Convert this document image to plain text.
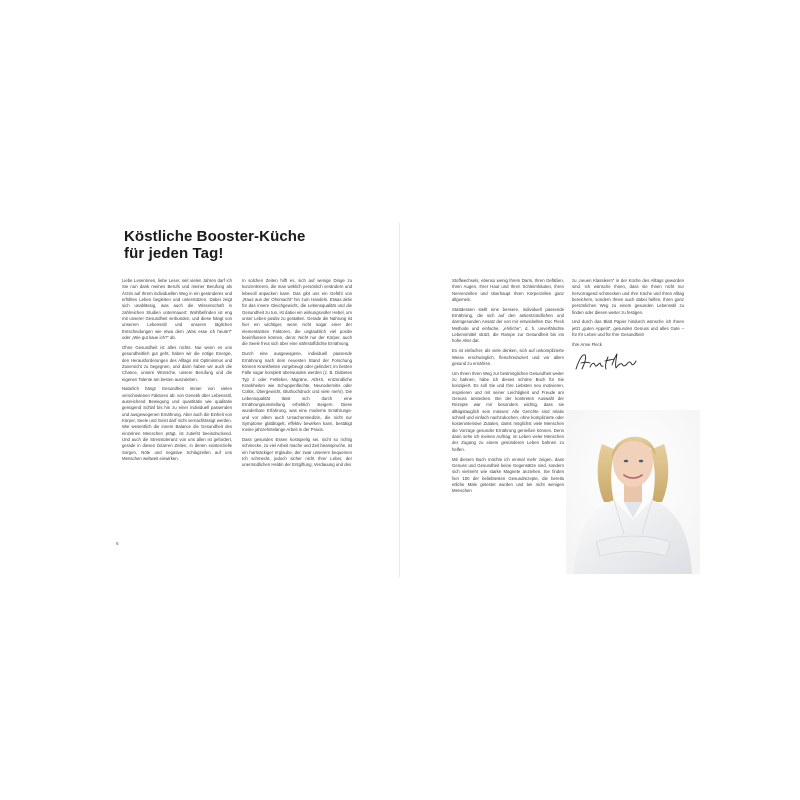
Köstliche Booster-Küche
für jeden Tag!

Liebe Leserinnen, liebe Leser, seit vielen Jahren darf ich Sie nun dank meines Berufs und meiner Berufung als Ärztin auf Ihrem individuellen Weg in ein gesünderes und erfülltes Leben begleiten und unterstützen. Dabei zeigt sich unablässig, was auch die Wissenschaft in zahlreichen Studien untermauert: Wohlbefinden ist eng mit unserer Gesundheit verbunden, und diese hängt von unserem Lebensstil und unseren täglichen Entscheidungen wie etwa dem „Was esse ich heute?“ oder „Wie gut kaue ich?“ ab.

Ohne Gesundheit ist alles nichts. Nur wenn es uns gesundheitlich gut geht, haben wir die nötige Energie, den Herausforderungen des Alltags mit Optimismus und Zuversicht zu begegnen, und dann haben wir auch die Chance, unsere Wünsche, unsere Berufung und die eigenen Talente am besten auszuleben.

Natürlich hängt Gesundheit immer von vielen verschiedenen Faktoren ab: von Genetik über Lebensstil, ausreichend Bewegung und quantitativ wie qualitativ genügend Schlaf bis hin zu einer individuell passenden und ausgewogenen Ernährung. Aber auch die Einheit von Körper, Seele und Geist darf nicht vernachlässigt werden. Wie wesentlich die innere Balance die Gesundheit des einzelnen Menschen prägt, ist zutiefst beeindruckend. Und auch die Stresstoleranz von uns allen ist gefordert, gerade in diesen bizarren Zeiten, in denen existenzielle Sorgen, Nöte und negative Schlagzeilen auf uns Menschen weltweit einwirken.

In solchen Zeiten hilft es, sich auf wenige Dinge zu konzentrieren, die man wirklich persönlich verändern und lebevoll anpacken kann. Das gibt uns ein Gefühl von „Raus aus der Ohnmacht“ hin zum Handeln. Etwas aktiv für das innere Gleichgewicht, die Lebensqualität und die Gesundheit zu tun, ist dabei ein wirkungsvoller Hebel, um unser Leben positiv zu gestalten. Gerade die Nahrung ist hier ein wichtiger, wenn nicht sogar einer der elementarsten Faktoren, die unglaublich viel positiv beeinflussen können, denn: Nicht nur der Körper, auch die Seele freut sich über eine nährstoffdichte Ernährung.

Durch eine ausgewogene, individuell passende Ernährung nach dem neuesten Stand der Forschung können Krankheiten vorgebeugt oder gelindert, im besten Falle sogar komplett überwunden werden (z. B. Diabetes Typ 2 oder Fettleber, Migräne, ADHS, entzündliche Krankheiten wie Schuppenflechte, Neurodermitis oder Colitis, Übergewicht, Bluthochdruck und viele mehr). Die Lebensqualität lässt sich durch eine Ernährungsumstellung erheblich steigern. Diese wunderbare Erfahrung, was eine moderne Ernährungs- und vor allem auch Ursachenmedizin, die nicht nur Symptome glattbügelt, effektiv bewirken kann, bestätigt meine jahrzehntelange Arbeit in der Praxis.

Dass gesundes Essen kostspielig sei, nicht so richtig schmecke, zu viel Arbeit mache und Zeit beanspruche, ist ein hartnäckiger Irrglaube, der zwar unserem bequemen Ich schmeckt, jedoch sicher nicht Ihrer Leber, der unermüdlichen Heldin der Entgiftung, Verdauung und des

6

Stoffwechsels, ebenso wenig Ihrem Darm, Ihren Gefäßen, Ihren Augen, Ihrer Haut und Ihren Schleimhäuten, Ihren Nervenzellen und überhaupt Ihren Körperzellen ganz allgemein.

Stattdessen stellt eine bessere, individuell passende Ernährung, die sich auf den antientzündlichen und darmgesunden Ansatz der von mir entwickelten Doc Fleck Methode und einfache, „ehrliche“, d. h. unverfälschte Lebensmittel stützt, die Rampe zur Gesundheit bis ins hohe Alter dar.

Es ist einfacher, als viele denken, sich auf unkomplizierte Weise erschwinglich, fleischreduziert und vor allem gesund zu ernähren.

Um Ihnen Ihren Weg zur bestmöglichen Gesundheit weiter zu bahnen, habe ich dieses schöne Buch für Sie konzipiert. Es soll Sie und Ihre Liebsten neu motivieren, inspirieren und mit seiner Leichtigkeit und Freude am Genuss anstecken. Bei der konkreten Auswahl der Rezepte war mir besonders wichtig, dass sie alltagstauglich sein müssen: Alle Gerichte sind relativ schnell und einfach nachzukochen, ohne komplizierte oder kostenintensive Zutaten, damit möglichst viele Menschen die Vorzüge gesunder Ernährung genießen können. Denn darin sehe ich meinen Auftrag: im Leben vieler Menschen der Zugang zu einem gesünderen Leben bahnen zu helfen.

Mit diesem Buch möchte ich einmal mehr zeigen, dass Genuss und Gesundheit keine Gegensätze sind, sondern sich vielmehr wie starke Magnete anziehen. Sie finden hier 100 der beliebtesten Gesundrezepte, die bereits etliche Male getestet wurden und bei nicht wenigen Menschen

zu „neuen Klassikern“ in der Küche des Alltags geworden sind. Ich wünsche Ihnen, dass sie Ihnen nicht nur hervorragend schmecken und Ihre Küche und Ihren Alltag bereichern, sondern Ihnen auch dabei helfen, Ihren ganz persönlichen Weg zu einem gesunden Lebensstil zu finden oder diesen weiter zu festigen.

Und durch das Blatt Papier hindurch wünsche ich Ihnen jetzt „guten Appetit“, gesunden Genuss und alles Gute – für Ihr Leben und für Ihre Gesundheit!

Ihre Anne Fleck
